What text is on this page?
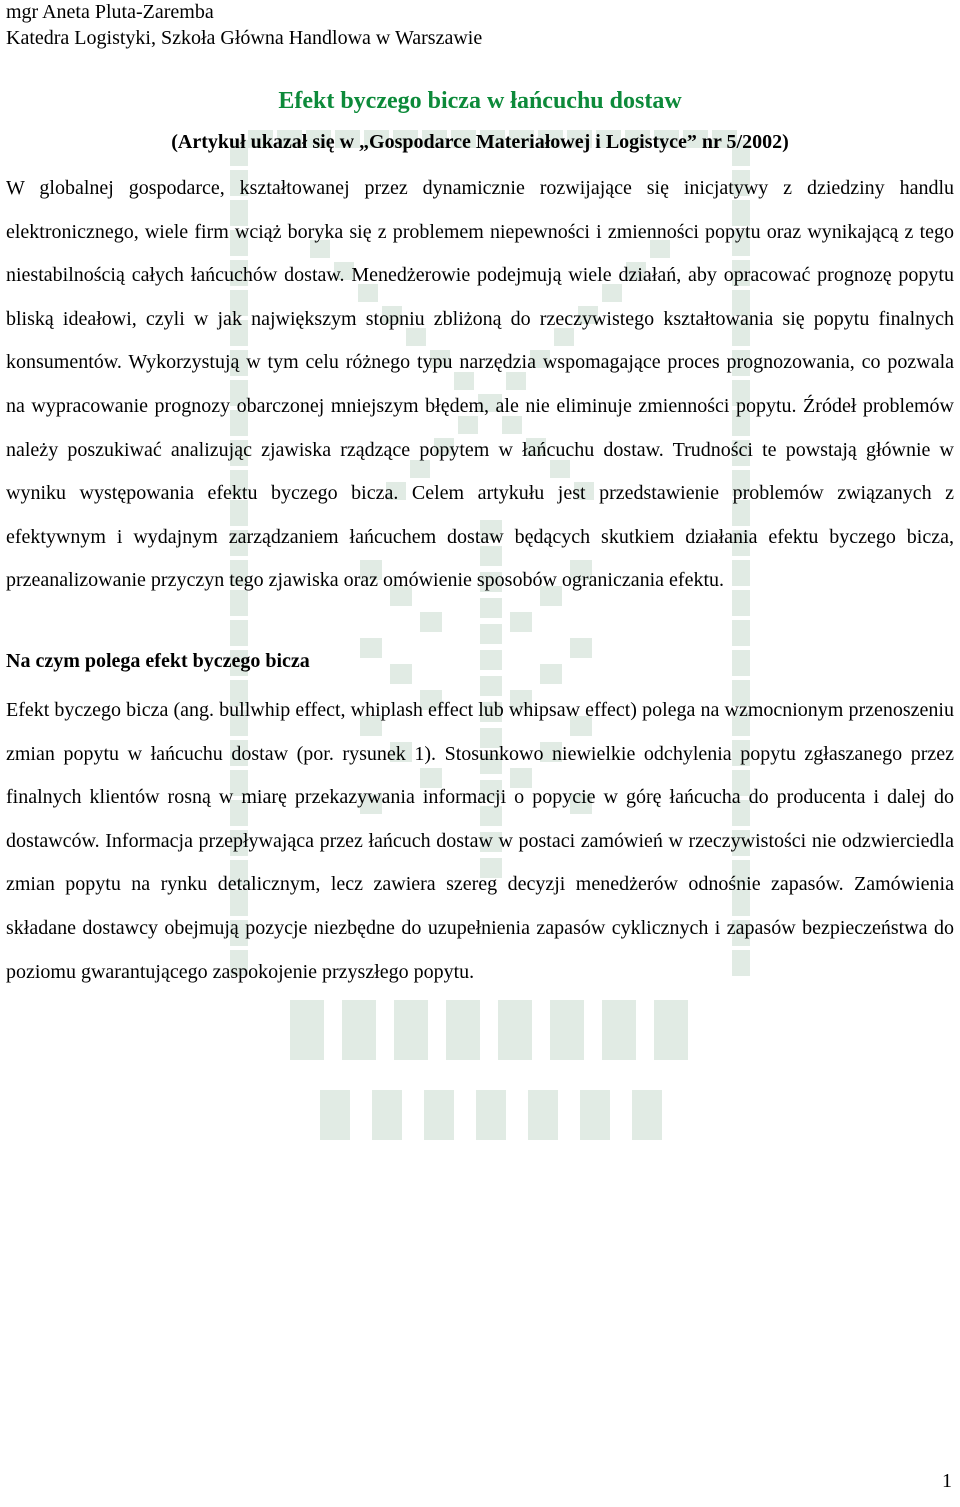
mgr Aneta Pluta-Zaremba
Katedra Logistyki, Szkoła Główna Handlowa w Warszawie
Efekt byczego bicza w łańcuchu dostaw
(Artykuł ukazał się w „Gospodarce Materiałowej i Logistyce” nr 5/2002)

W globalnej gospodarce, kształtowanej przez dynamicznie rozwijające się inicjatywy z dziedziny handlu elektronicznego, wiele firm wciąż boryka się z problemem niepewności i zmienności popytu oraz wynikającą z tego niestabilnością całych łańcuchów dostaw. Menedżerowie podejmują wiele działań, aby opracować prognozę popytu bliską ideałowi, czyli w jak największym stopniu zbliżoną do rzeczywistego kształtowania się popytu finalnych konsumentów. Wykorzystują w tym celu różnego typu narzędzia wspomagające proces prognozowania, co pozwala na wypracowanie prognozy obarczonej mniejszym błędem, ale nie eliminuje zmienności popytu. Źródeł problemów należy poszukiwać analizując zjawiska rządzące popytem w łańcuchu dostaw. Trudności te powstają głównie w wyniku występowania efektu byczego bicza. Celem artykułu jest przedstawienie problemów związanych z efektywnym i wydajnym zarządzaniem łańcuchem dostaw będących skutkiem działania efektu byczego bicza, przeanalizowanie przyczyn tego zjawiska oraz omówienie sposobów ograniczania efektu.

Na czym polega efekt byczego bicza

Efekt byczego bicza (ang. bullwhip effect, whiplash effect lub whipsaw effect) polega na wzmocnionym przenoszeniu zmian popytu w łańcuchu dostaw (por. rysunek 1). Stosunkowo niewielkie odchylenia popytu zgłaszanego przez finalnych klientów rosną w miarę przekazywania informacji o popycie w górę łańcucha do producenta i dalej do dostawców. Informacja przepływająca przez łańcuch dostaw w postaci zamówień w rzeczywistości nie odzwierciedla zmian popytu na rynku detalicznym, lecz zawiera szereg decyzji menedżerów odnośnie zapasów. Zamówienia składane dostawcy obejmują pozycje niezbędne do uzupełnienia zapasów cyklicznych i zapasów bezpieczeństwa do poziomu gwarantującego zaspokojenie przyszłego popytu.

1
